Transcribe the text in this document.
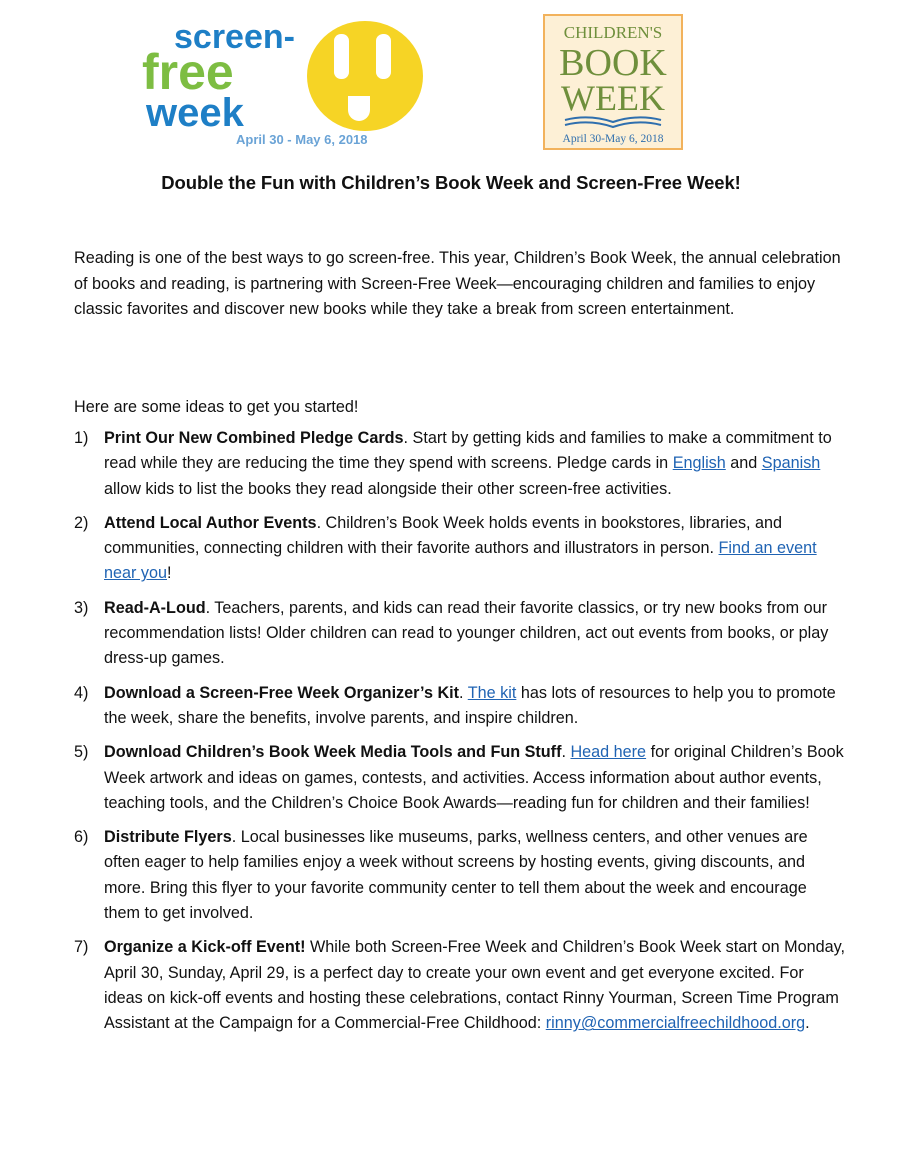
screen-
free
week
April 30 - May 6, 2018
CHILDREN'S
BOOK
WEEK
April 30-May 6, 2018
Double the Fun with Children’s Book Week and Screen-Free Week!

Reading is one of the best ways to go screen-free. This year, Children’s Book Week, the annual celebration of books and reading, is partnering with Screen-Free Week—encouraging children and families to enjoy classic favorites and discover new books while they take a break from screen entertainment.

Here are some ideas to get you started!

1) Print Our New Combined Pledge Cards. Start by getting kids and families to make a commitment to read while they are reducing the time they spend with screens. Pledge cards in English and Spanish allow kids to list the books they read alongside their other screen-free activities.
2) Attend Local Author Events. Children’s Book Week holds events in bookstores, libraries, and communities, connecting children with their favorite authors and illustrators in person. Find an event near you!
3) Read-A-Loud. Teachers, parents, and kids can read their favorite classics, or try new books from our recommendation lists! Older children can read to younger children, act out events from books, or play dress-up games.
4) Download a Screen-Free Week Organizer’s Kit. The kit has lots of resources to help you to promote the week, share the benefits, involve parents, and inspire children.
5) Download Children’s Book Week Media Tools and Fun Stuff. Head here for original Children’s Book Week artwork and ideas on games, contests, and activities. Access information about author events, teaching tools, and the Children’s Choice Book Awards—reading fun for children and their families!
6) Distribute Flyers. Local businesses like museums, parks, wellness centers, and other venues are often eager to help families enjoy a week without screens by hosting events, giving discounts, and more. Bring this flyer to your favorite community center to tell them about the week and encourage them to get involved.
7) Organize a Kick-off Event! While both Screen-Free Week and Children’s Book Week start on Monday, April 30, Sunday, April 29, is a perfect day to create your own event and get everyone excited. For ideas on kick-off events and hosting these celebrations, contact Rinny Yourman, Screen Time Program Assistant at the Campaign for a Commercial-Free Childhood: rinny@commercialfreechildhood.org.
